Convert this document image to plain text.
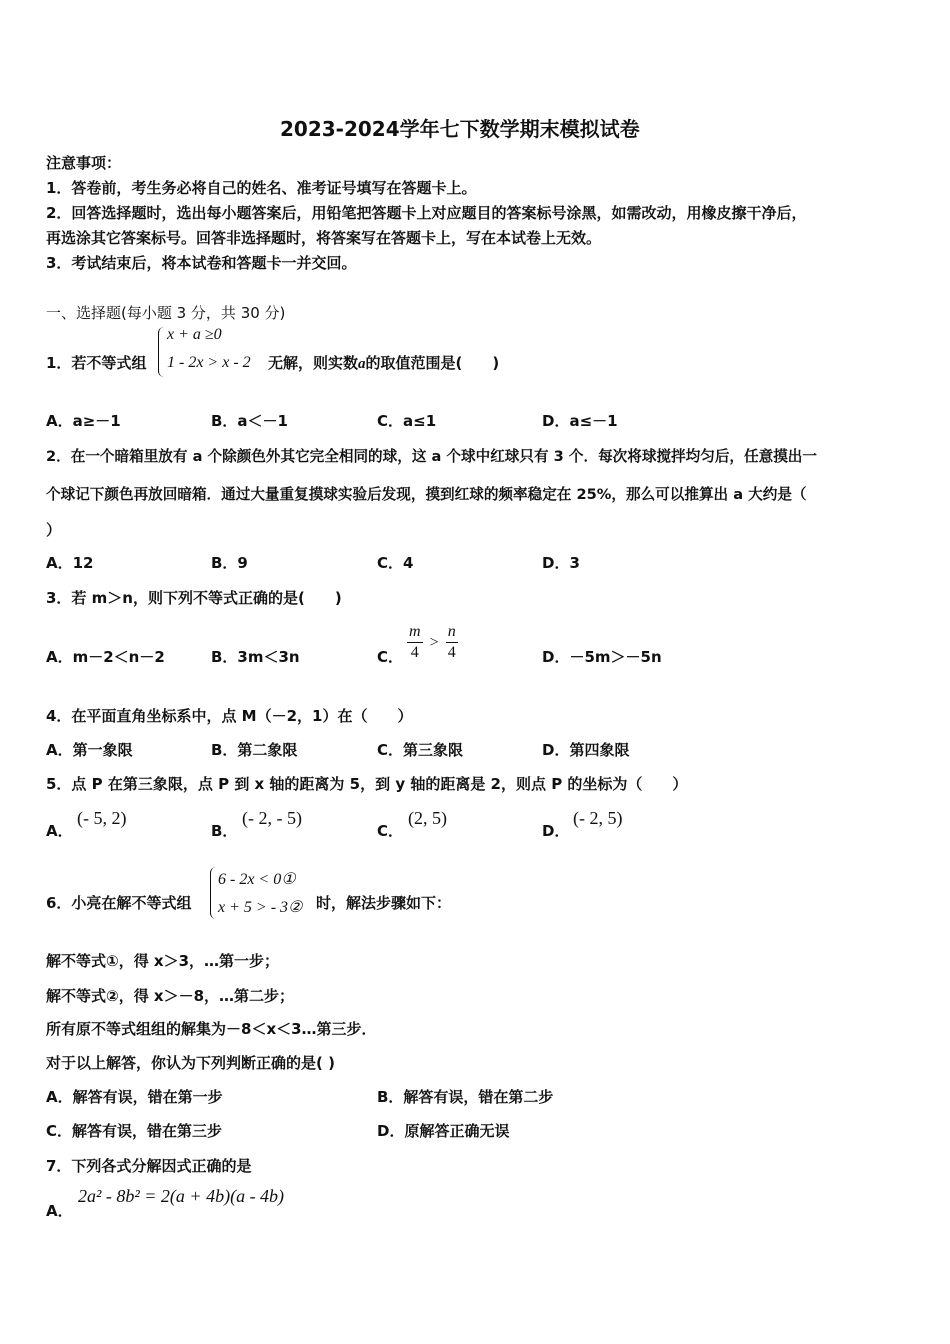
2023-2024学年七下数学期末模拟试卷
注意事项：
1．答卷前，考生务必将自己的姓名、准考证号填写在答题卡上。
2．回答选择题时，选出每小题答案后，用铅笔把答题卡上对应题目的答案标号涂黑，如需改动，用橡皮擦干净后，
再选涂其它答案标号。回答非选择题时，将答案写在答题卡上，写在本试卷上无效。
3．考试结束后，将本试卷和答题卡一并交回。
一、选择题(每小题 3 分，共 30 分)
1．若不等式组
x + a ≥0
1 - 2x > x - 2 无解，则实数a的取值范围是(　　)
A．a≥－1	B．a＜－1	C．a≤1	D．a≤－1
2．在一个暗箱里放有 a 个除颜色外其它完全相同的球，这 a 个球中红球只有 3 个．每次将球搅拌均匀后，任意摸出一
个球记下颜色再放回暗箱．通过大量重复摸球实验后发现，摸到红球的频率稳定在 25%，那么可以推算出 a 大约是（
）
A．12	B．9	C．4	D．3
3．若 m＞n，则下列不等式正确的是(　　)
A．m－2＜n－2	B．3m＜3n	C． $\frac{m}{4} > \frac{n}{4}$	D．－5m＞－5n
4．在平面直角坐标系中，点 M（－2，1）在（　　）
A．第一象限	B．第二象限	C．第三象限	D．第四象限
5．点 P 在第三象限，点 P 到 x 轴的距离为 5，到 y 轴的距离是 2，则点 P 的坐标为（　　）
A．
(- 5, 2)
B．
(- 2, - 5)
C．
(2, 5)
D．
(- 2, 5)
6．小亮在解不等式组
6 - 2x < 0①
x + 5 > - 3② 时，解法步骤如下：
解不等式①，得 x＞3，…第一步；
解不等式②，得 x＞－8，…第二步；
所有原不等式组组的解集为－8＜x＜3…第三步．
对于以上解答，你认为下列判断正确的是( )
A．解答有误，错在第一步	B．解答有误，错在第二步
C．解答有误，错在第三步	D．原解答正确无误
7．下列各式分解因式正确的是
A．
2a² - 8b² = 2(a + 4b)(a - 4b)
